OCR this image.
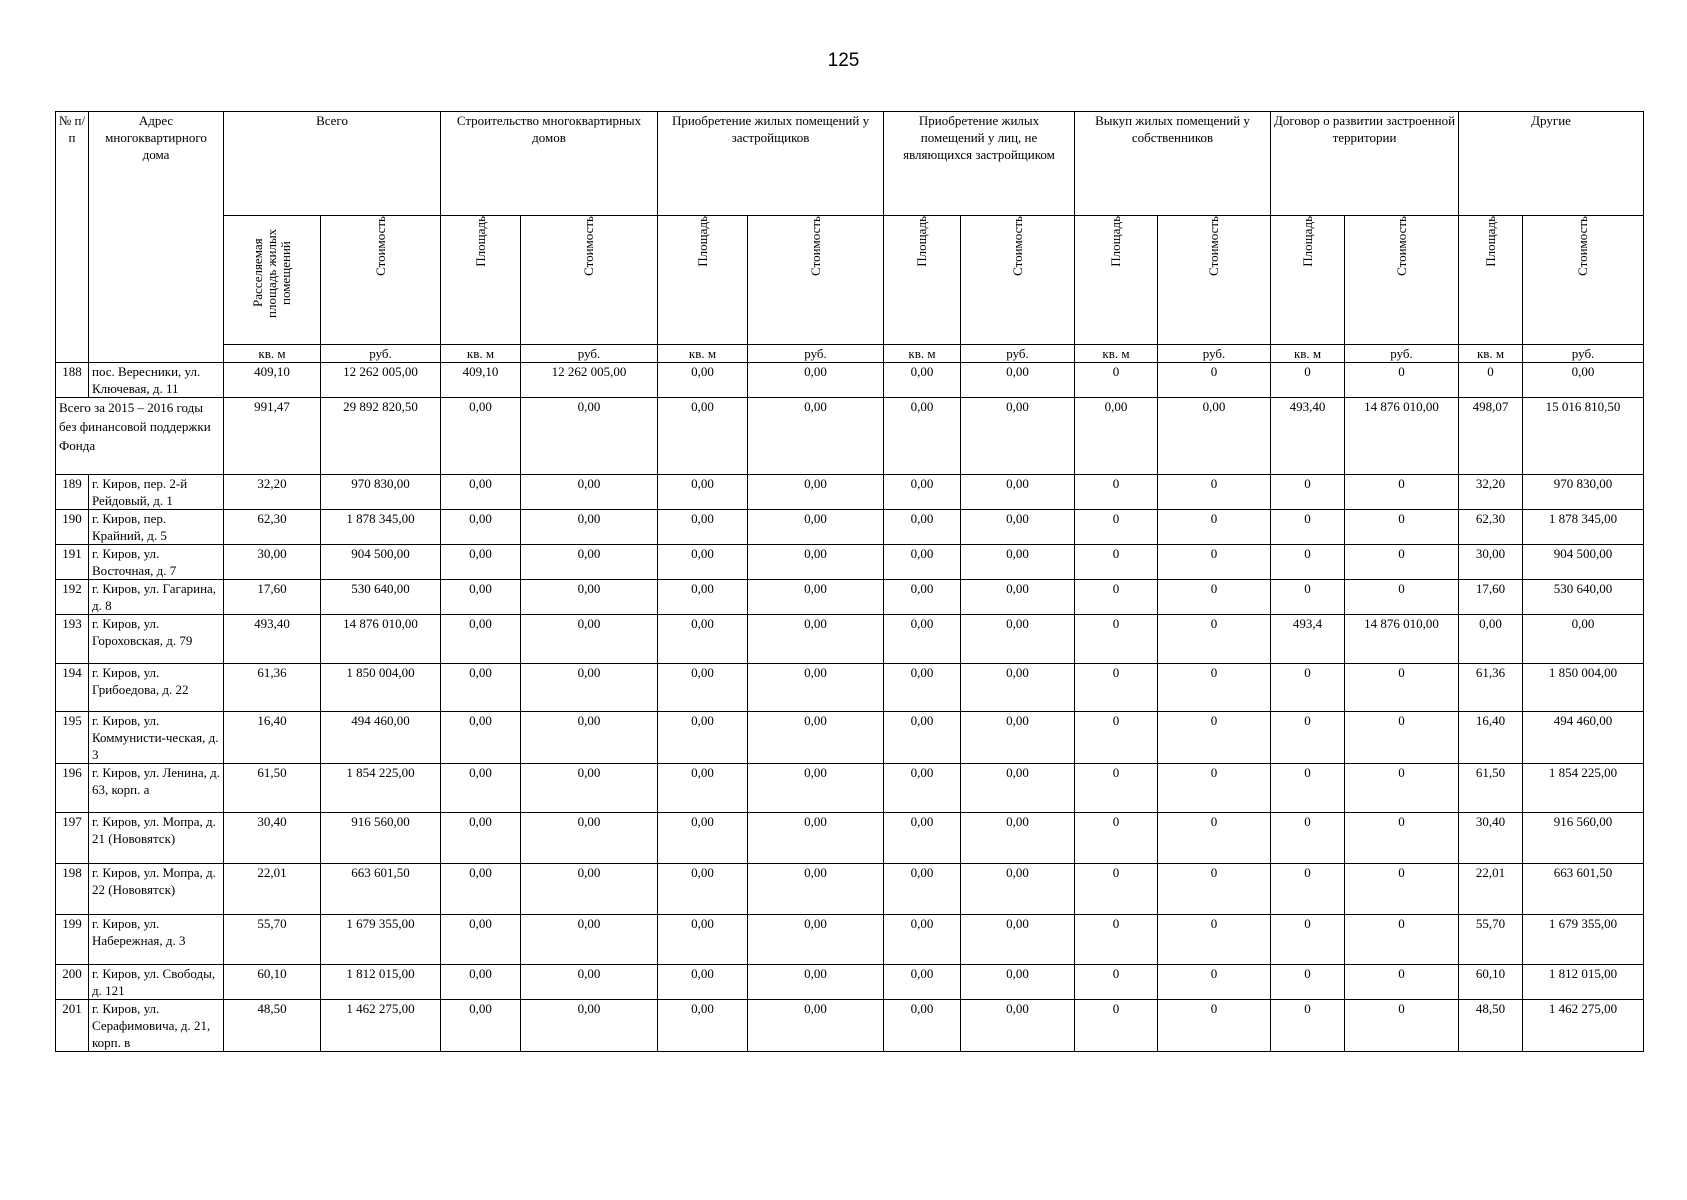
125
№ п/п	Адрес многоквартирного дома	Всего		Строительство многоквартирных домов		Приобретение жилых помещений у застройщиков		Приобретение жилых помещений у лиц, не являющихся застройщиком		Выкуп жилых помещений у собственников		Договор о развитии застроенной территории		Другие	
		Расселяемая площадь жилых помещений	Стоимость	Площадь	Стоимость	Площадь	Стоимость	Площадь	Стоимость	Площадь	Стоимость	Площадь	Стоимость	Площадь	Стоимость
		кв. м	руб.	кв. м	руб.	кв. м	руб.	кв. м	руб.	кв. м	руб.	кв. м	руб.	кв. м	руб.
188	пос. Вересники, ул. Ключевая, д. 11	409,10	12 262 005,00	409,10	12 262 005,00	0,00	0,00	0,00	0,00	0	0	0	0	0	0,00
Всего за 2015 – 2016 годы без финансовой поддержки Фонда		991,47	29 892 820,50	0,00	0,00	0,00	0,00	0,00	0,00	0,00	0,00	493,40	14 876 010,00	498,07	15 016 810,50
189	г. Киров, пер. 2-й Рейдовый, д. 1	32,20	970 830,00	0,00	0,00	0,00	0,00	0,00	0,00	0	0	0	0	32,20	970 830,00
190	г. Киров, пер. Крайний, д. 5	62,30	1 878 345,00	0,00	0,00	0,00	0,00	0,00	0,00	0	0	0	0	62,30	1 878 345,00
191	г. Киров, ул. Восточная, д. 7	30,00	904 500,00	0,00	0,00	0,00	0,00	0,00	0,00	0	0	0	0	30,00	904 500,00
192	г. Киров, ул. Гагарина, д. 8	17,60	530 640,00	0,00	0,00	0,00	0,00	0,00	0,00	0	0	0	0	17,60	530 640,00
193	г. Киров, ул. Гороховская, д. 79	493,40	14 876 010,00	0,00	0,00	0,00	0,00	0,00	0,00	0	0	493,4	14 876 010,00	0,00	0,00
194	г. Киров, ул. Грибоедова, д. 22	61,36	1 850 004,00	0,00	0,00	0,00	0,00	0,00	0,00	0	0	0	0	61,36	1 850 004,00
195	г. Киров, ул. Коммунисти-ческая, д. 3	16,40	494 460,00	0,00	0,00	0,00	0,00	0,00	0,00	0	0	0	0	16,40	494 460,00
196	г. Киров, ул. Ленина, д. 63, корп. а	61,50	1 854 225,00	0,00	0,00	0,00	0,00	0,00	0,00	0	0	0	0	61,50	1 854 225,00
197	г. Киров, ул. Мопра, д. 21 (Нововятск)	30,40	916 560,00	0,00	0,00	0,00	0,00	0,00	0,00	0	0	0	0	30,40	916 560,00
198	г. Киров, ул. Мопра, д. 22 (Нововятск)	22,01	663 601,50	0,00	0,00	0,00	0,00	0,00	0,00	0	0	0	0	22,01	663 601,50
199	г. Киров, ул. Набережная, д. 3	55,70	1 679 355,00	0,00	0,00	0,00	0,00	0,00	0,00	0	0	0	0	55,70	1 679 355,00
200	г. Киров, ул. Свободы, д. 121	60,10	1 812 015,00	0,00	0,00	0,00	0,00	0,00	0,00	0	0	0	0	60,10	1 812 015,00
201	г. Киров, ул. Серафимовича, д. 21, корп. в	48,50	1 462 275,00	0,00	0,00	0,00	0,00	0,00	0,00	0	0	0	0	48,50	1 462 275,00
